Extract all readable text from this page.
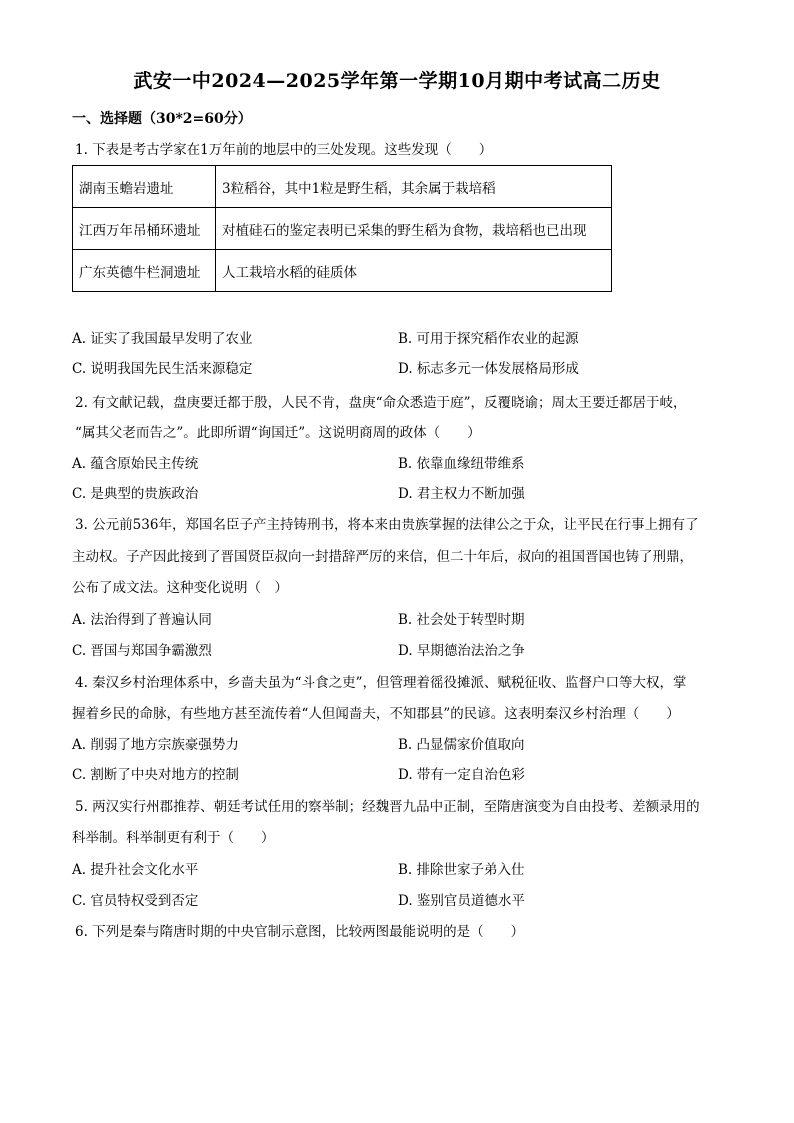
武安一中2024—2025学年第一学期10月期中考试高二历史
一、选择题（30*2=60分）
1. 下表是考古学家在1万年前的地层中的三处发现。这些发现（　　）
湖南玉蟾岩遗址	3粒稻谷，其中1粒是野生稻，其余属于栽培稻
江西万年吊桶环遗址	对植硅石的鉴定表明已采集的野生稻为食物，栽培稻也已出现
广东英德牛栏洞遗址	人工栽培水稻的硅质体
A. 证实了我国最早发明了农业	B. 可用于探究稻作农业的起源
C. 说明我国先民生活来源稳定	D. 标志多元一体发展格局形成
2. 有文献记载，盘庚要迁都于殷，人民不肯，盘庚“命众悉造于庭”，反覆晓谕；周太王要迁都居于岐，
“属其父老而告之”。此即所谓“询国迁”。这说明商周的政体（　　）
A. 蕴含原始民主传统	B. 依靠血缘纽带维系
C. 是典型的贵族政治	D. 君主权力不断加强
3. 公元前536年，郑国名臣子产主持铸刑书，将本来由贵族掌握的法律公之于众，让平民在行事上拥有了
主动权。子产因此接到了晋国贤臣叔向一封措辞严厉的来信，但二十年后，叔向的祖国晋国也铸了刑鼎，
公布了成文法。这种变化说明（　）
A. 法治得到了普遍认同	B. 社会处于转型时期
C. 晋国与郑国争霸激烈	D. 早期德治法治之争
4. 秦汉乡村治理体系中，乡啬夫虽为“斗食之吏”，但管理着徭役摊派、赋税征收、监督户口等大权，掌
握着乡民的命脉，有些地方甚至流传着“人但闻啬夫，不知郡县”的民谚。这表明秦汉乡村治理（　　）
A. 削弱了地方宗族豪强势力	B. 凸显儒家价值取向
C. 割断了中央对地方的控制	D. 带有一定自治色彩
5. 两汉实行州郡推荐、朝廷考试任用的察举制；经魏晋九品中正制，至隋唐演变为自由投考、差额录用的
科举制。科举制更有利于（　　）
A. 提升社会文化水平	B. 排除世家子弟入仕
C. 官员特权受到否定	D. 鉴别官员道德水平
6. 下列是秦与隋唐时期的中央官制示意图，比较两图最能说明的是（　　）
